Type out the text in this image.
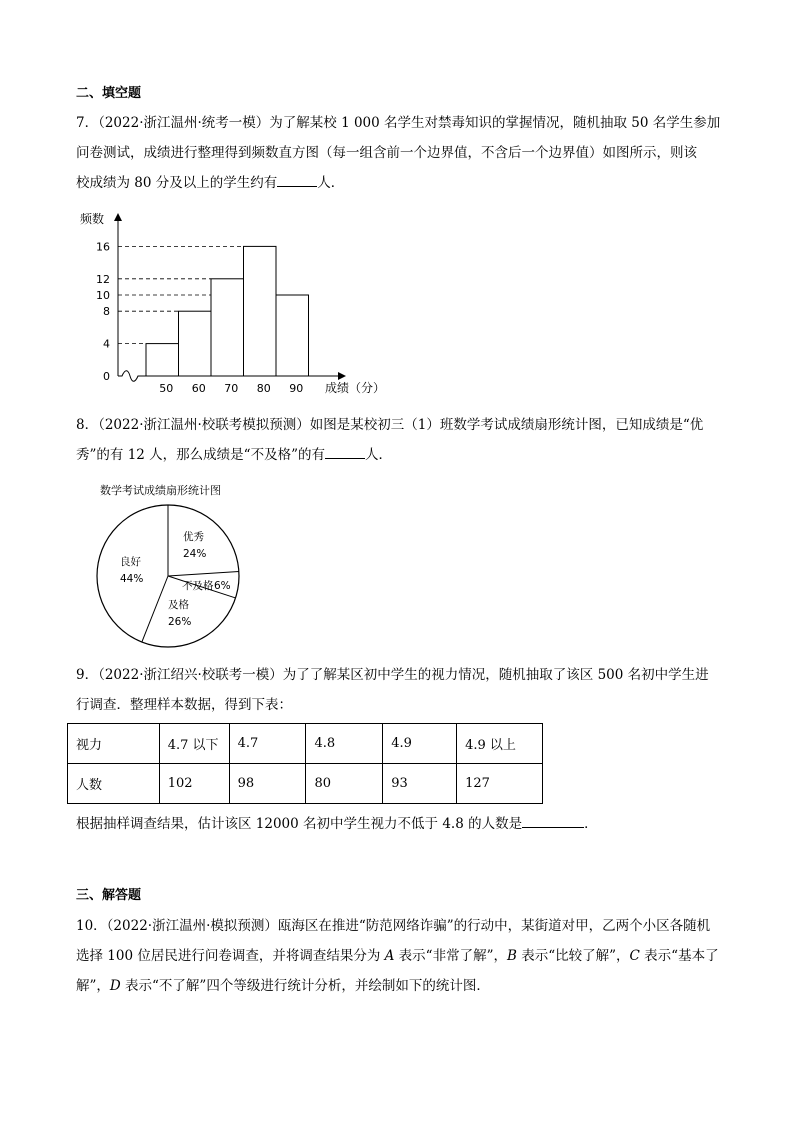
二、填空题

7．（2022·浙江温州·统考一模）为了解某校 1 000 名学生对禁毒知识的掌握情况，随机抽取 50 名学生参加

问卷测试，成绩进行整理得到频数直方图（每一组含前一个边界值，不含后一个边界值）如图所示，则该

校成绩为 80 分及以上的学生约有	人．

频数
成绩（分）
0
4
8
10
12
16
50 60 70 80 90

8．（2022·浙江温州·校联考模拟预测）如图是某校初三（1）班数学考试成绩扇形统计图，已知成绩是“优

秀”的有 12 人，那么成绩是“不及格”的有	人．

数学考试成绩扇形统计图
优秀
24%
不及格 6%
及格
26%
良好
44%

9．（2022·浙江绍兴·校联考一模）为了了解某区初中学生的视力情况，随机抽取了该区 500 名初中学生进

行调查．整理样本数据，得到下表：

视力	4.7 以下	4.7	4.8	4.9	4.9 以上
人数	102	98	80	93	127

根据抽样调查结果，估计该区 12000 名初中学生视力不低于 4.8 的人数是	．

三、解答题

10．（2022·浙江温州·模拟预测）瓯海区在推进“防范网络诈骗”的行动中，某街道对甲，乙两个小区各随机

选择 100 位居民进行问卷调查，并将调查结果分为 A 表示“非常了解”，B 表示“比较了解”，C 表示“基本了

解”，D 表示“不了解”四个等级进行统计分析，并绘制如下的统计图．
